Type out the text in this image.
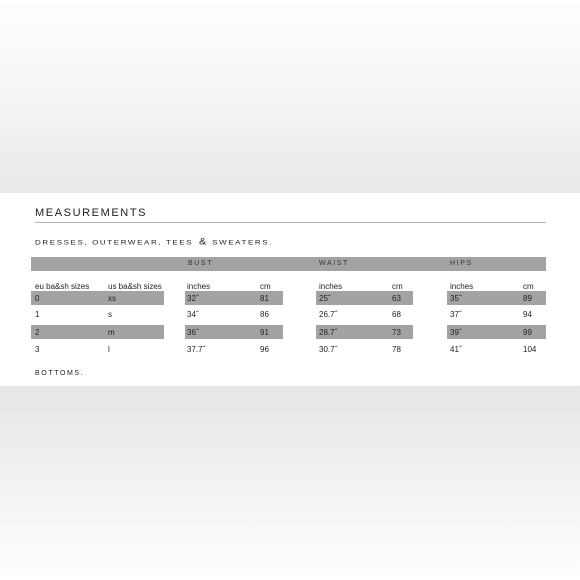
MEASUREMENTS
DRESSES, OUTERWEAR, TEES & SWEATERS.
BUST	WAIST	HIPS
eu ba&sh sizes us ba&sh sizes	inches	cm	inches	cm	inches	cm
0	xs	32˝	81	25˝	63	35˝	89
1	s	34˝	86	26.7˝	68	37˝	94
2	m	36˝	91	28.7˝	73	39˝	99
3	l	37.7˝	96	30.7˝	78	41˝	104
BOTTOMS.
